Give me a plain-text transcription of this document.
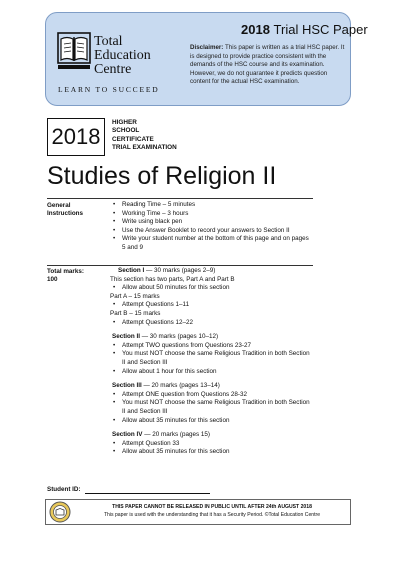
Total
Education
Centre
LEARN TO SUCCEED
2018 Trial HSC Paper
Disclaimer: This paper is written as a trial HSC paper. It is designed to provide practice consistent with the demands of the HSC course and its examination. However, we do not guarantee it predicts question content for the actual HSC examination.
2018
HIGHER
SCHOOL
CERTIFICATE
TRIAL EXAMINATION
Studies of Religion II
General
Instructions
• Reading Time – 5 minutes
• Working Time – 3 hours
• Write using black pen
• Use the Answer Booklet to record your answers to Section II
• Write your student number at the bottom of this page and on pages 5 and 9
Total marks:
100
Section I — 30 marks (pages 2–9)
This section has two parts, Part A and Part B
• Allow about 50 minutes for this section
Part A – 15 marks
• Attempt Questions 1–11
Part B – 15 marks
• Attempt Questions 12–22
Section II — 30 marks (pages 10–12)
• Attempt TWO questions from Questions 23-27
• You must NOT choose the same Religious Tradition in both Section II and Section III
• Allow about 1 hour for this section
Section III — 20 marks (pages 13–14)
• Attempt ONE question from Questions 28-32
• You must NOT choose the same Religious Tradition in both Section II and Section III
• Allow about 35 minutes for this section
Section IV — 20 marks (pages 15)
• Attempt Question 33
• Allow about 35 minutes for this section
Student ID:
THIS PAPER CANNOT BE RELEASED IN PUBLIC UNTIL AFTER 24th AUGUST 2018
This paper is used with the understanding that it has a Security Period. ©Total Education Centre
